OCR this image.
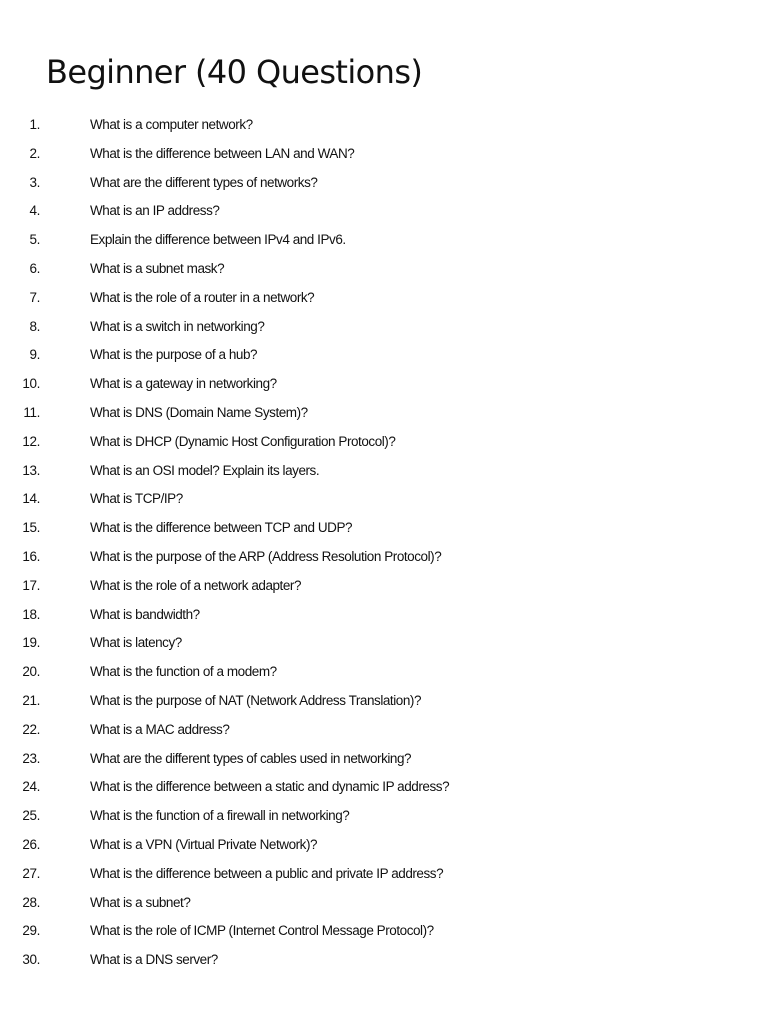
Beginner (40 Questions)
1.	What is a computer network?
2.	What is the difference between LAN and WAN?
3.	What are the different types of networks?
4.	What is an IP address?
5.	Explain the difference between IPv4 and IPv6.
6.	What is a subnet mask?
7.	What is the role of a router in a network?
8.	What is a switch in networking?
9.	What is the purpose of a hub?
10.	What is a gateway in networking?
11.	What is DNS (Domain Name System)?
12.	What is DHCP (Dynamic Host Configuration Protocol)?
13.	What is an OSI model? Explain its layers.
14.	What is TCP/IP?
15.	What is the difference between TCP and UDP?
16.	What is the purpose of the ARP (Address Resolution Protocol)?
17.	What is the role of a network adapter?
18.	What is bandwidth?
19.	What is latency?
20.	What is the function of a modem?
21.	What is the purpose of NAT (Network Address Translation)?
22.	What is a MAC address?
23.	What are the different types of cables used in networking?
24.	What is the difference between a static and dynamic IP address?
25.	What is the function of a firewall in networking?
26.	What is a VPN (Virtual Private Network)?
27.	What is the difference between a public and private IP address?
28.	What is a subnet?
29.	What is the role of ICMP (Internet Control Message Protocol)?
30.	What is a DNS server?
